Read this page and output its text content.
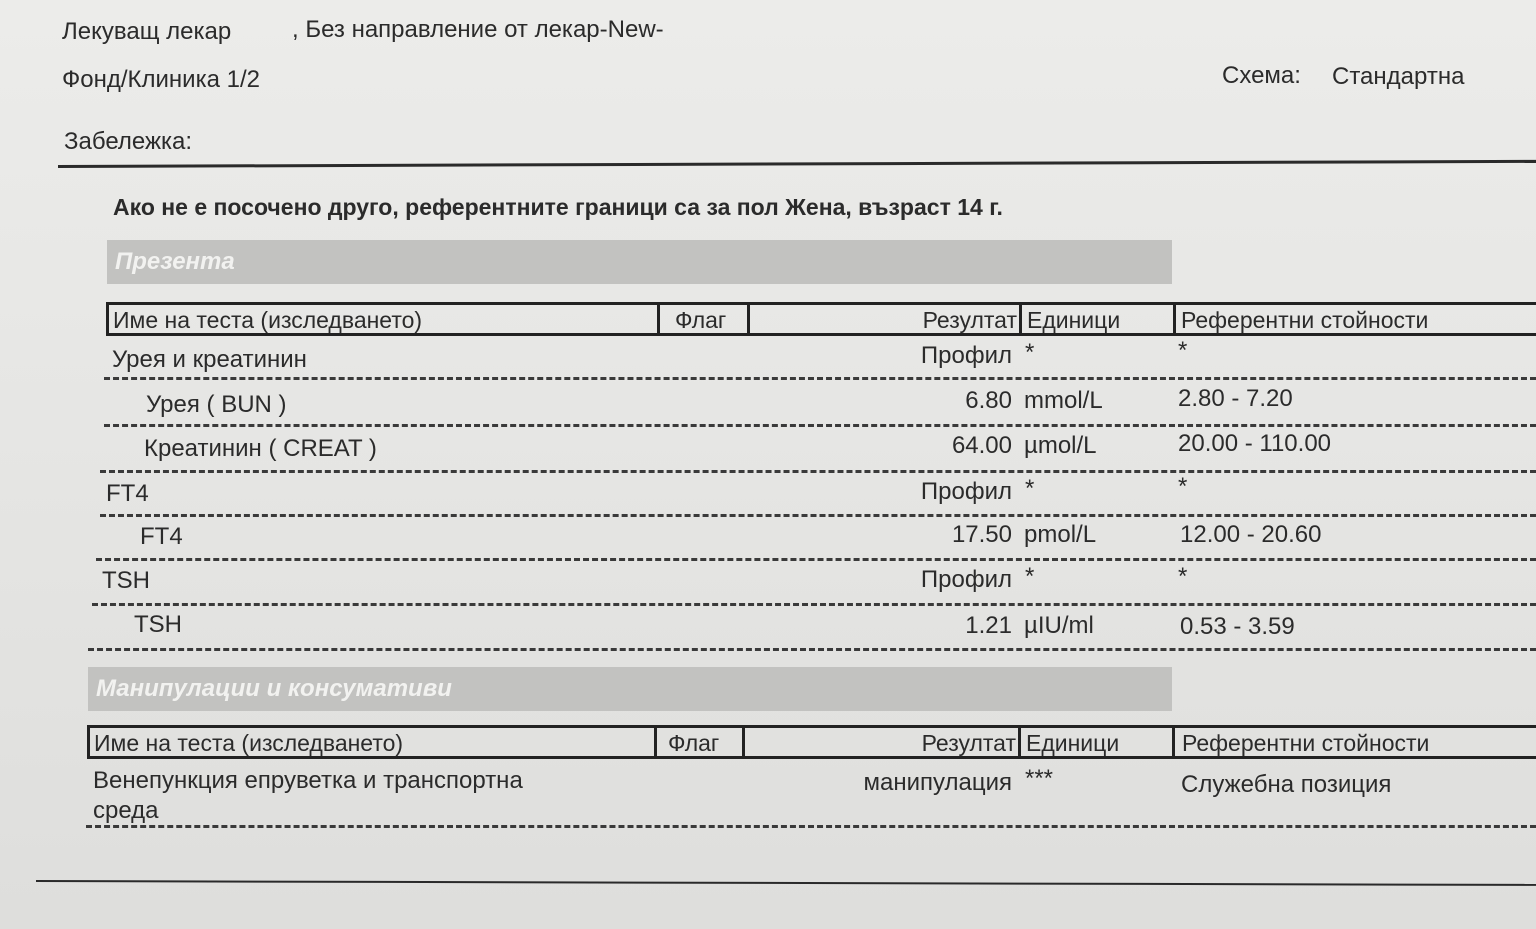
Лекуващ лекар	, Без направление от лекар-New-
Фонд/Клиника 1/2	Схема: Стандартна
Забележка:
Ако не е посочено друго, референтните граници са за пол Жена, възраст 14 г.
Презента
Име на теста (изследването)	Флаг	Резултат Единици	Референтни стойности
Урея и креатинин	Профил *	*
Урея ( BUN )	6.80 mmol/L	2.80 - 7.20
Креатинин ( CREAT )	64.00 µmol/L	20.00 - 110.00
FT4	Профил *	*
FT4	17.50 pmol/L	12.00 - 20.60
TSH	Профил *	*
TSH	1.21 µIU/ml	0.53 - 3.59
Манипулации и консумативи
Име на теста (изследването)	Флаг	Резултат Единици	Референтни стойности
Венепункция епруветка и транспортна
среда
манипулация ***	Служебна позиция
